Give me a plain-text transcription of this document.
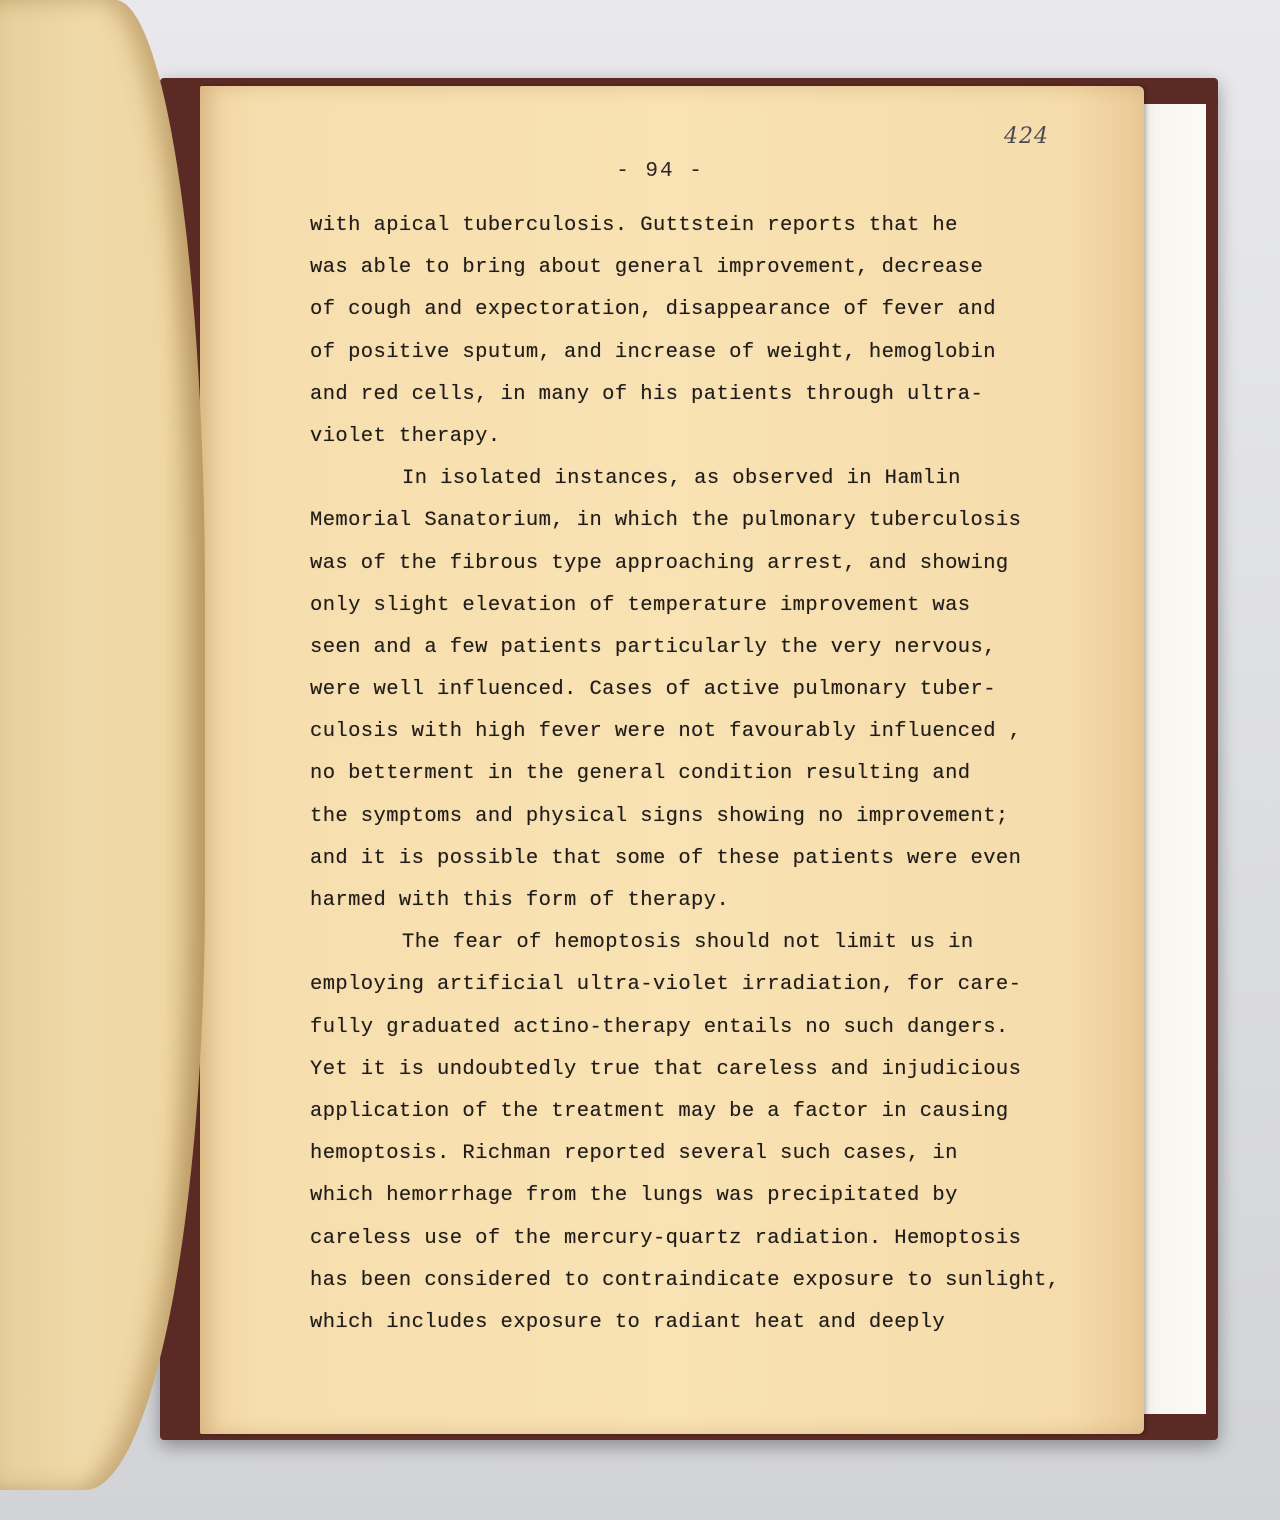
424
- 94 -
with apical tuberculosis. Guttstein reports that he
was able to bring about general improvement, decrease
of cough and expectoration, disappearance of fever and
of positive sputum, and increase of weight, hemoglobin
and red cells, in many of his patients through ultra-
violet therapy.
In isolated instances, as observed in Hamlin
Memorial Sanatorium, in which the pulmonary tuberculosis
was of the fibrous type approaching arrest, and showing
only slight elevation of temperature improvement was
seen and a few patients particularly the very nervous,
were well influenced. Cases of active pulmonary tuber-
culosis with high fever were not favourably influenced ,
no betterment in the general condition resulting and
the symptoms and physical signs showing no improvement;
and it is possible that some of these patients were even
harmed with this form of therapy.
The fear of hemoptosis should not limit us in
employing artificial ultra-violet irradiation, for care-
fully graduated actino-therapy entails no such dangers.
Yet it is undoubtedly true that careless and injudicious
application of the treatment may be a factor in causing
hemoptosis. Richman reported several such cases, in
which hemorrhage from the lungs was precipitated by
careless use of the mercury-quartz radiation. Hemoptosis
has been considered to contraindicate exposure to sunlight,
which includes exposure to radiant heat and deeply
